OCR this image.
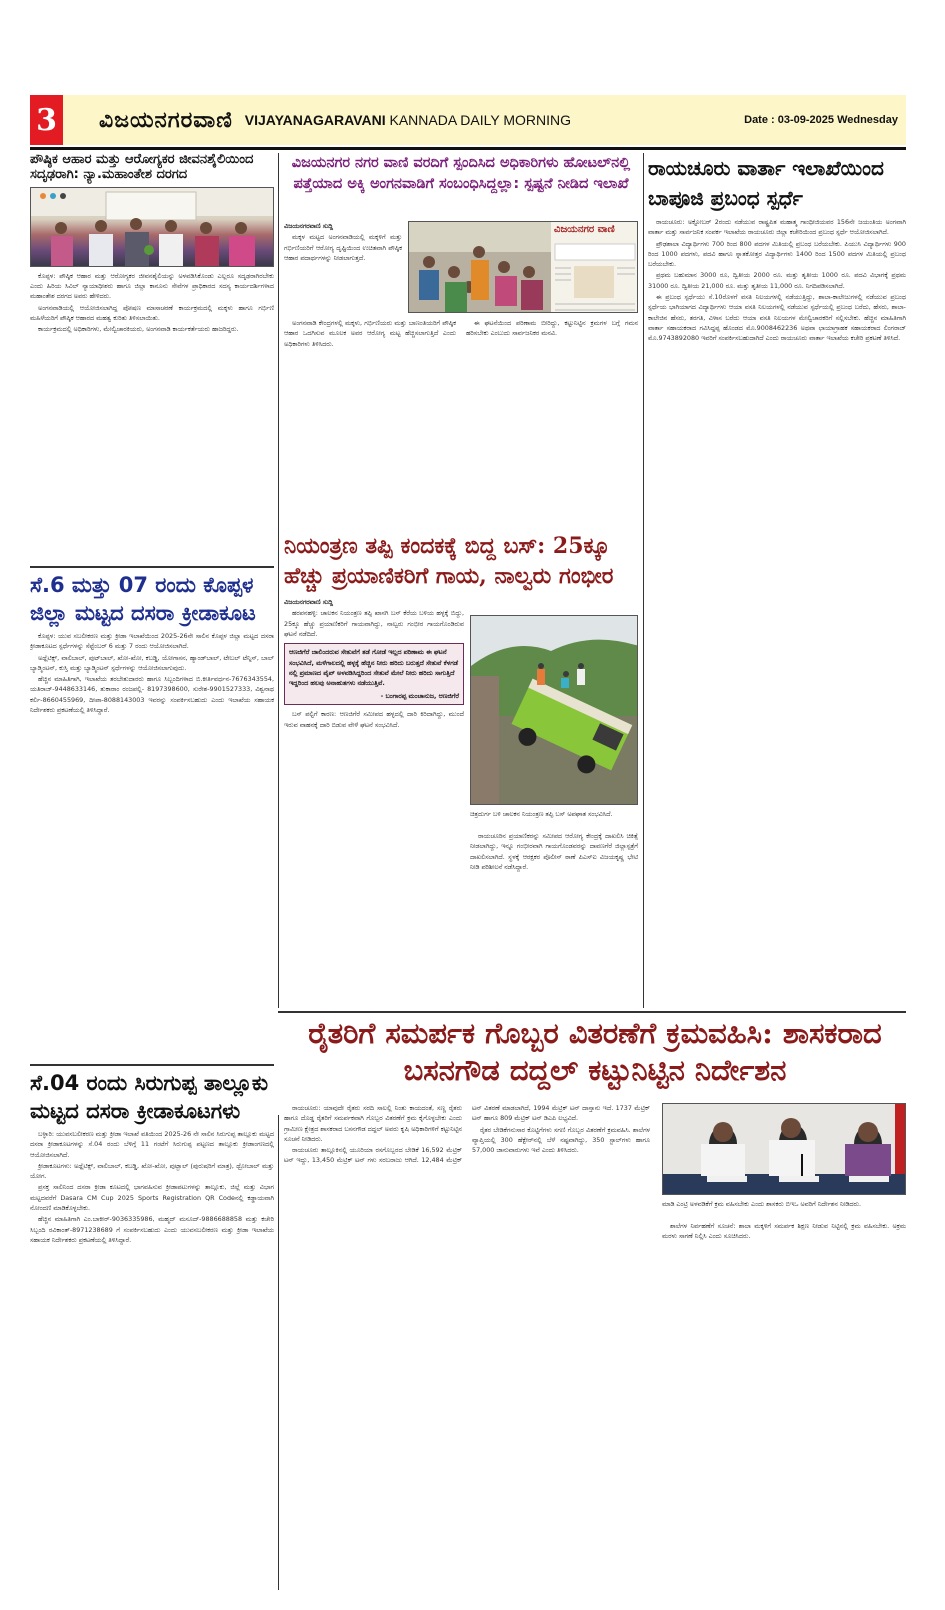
3 ವಿಜಯನಗರವಾಣಿ VIJAYANAGARAVANI KANNADA DAILY MORNING	Date : 03-09-2025 Wednesday
ಪೌಷ್ಠಿಕ ಆಹಾರ ಮತ್ತು ಆರೋಗ್ಯಕರ ಜೀವನಶೈಲಿಯಿಂದ ಸದೃಢರಾಗಿ: ನ್ಯಾ.ಮಹಾಂತೇಶ ದರಗದ

ಕೊಪ್ಪಳ: ಪೌಷ್ಠಿಕ ಆಹಾರ ಮತ್ತು ಆರೋಗ್ಯಕರ ಜೀವನಶೈಲಿಯನ್ನು ಅಳವಡಿಸಿಕೊಂಡು ಎಲ್ಲರೂ ಸದೃಢರಾಗಿರಬೇಕು ಎಂದು ಹಿರಿಯ ಸಿವಿಲ್ ನ್ಯಾಯಾಧೀಶರು ಹಾಗೂ ಜಿಲ್ಲಾ ಕಾನೂನು ಸೇವೆಗಳ ಪ್ರಾಧಿಕಾರದ ಸದಸ್ಯ ಕಾರ್ಯದರ್ಶಿಗಳಾದ ಮಹಾಂತೇಶ ದರಗದ ಅವರು ಹೇಳಿದರು.

ಅಂಗನವಾಡಿಯಲ್ಲಿ ಆಯೋಜಿಸಲಾಗಿದ್ದ ಪೋಷಣ ಮಾಸಾಚರಣೆ ಕಾರ್ಯಕ್ರಮದಲ್ಲಿ ಮಕ್ಕಳು ಹಾಗೂ ಗರ್ಭಿಣಿ ಮಹಿಳೆಯರಿಗೆ ಪೌಷ್ಠಿಕ ಆಹಾರದ ಮಹತ್ವ ಕುರಿತು ತಿಳಿಸಲಾಯಿತು.

ಕಾರ್ಯಕ್ರಮದಲ್ಲಿ ಅಧಿಕಾರಿಗಳು, ಮೇಲ್ವಿಚಾರಕಿಯರು, ಅಂಗನವಾಡಿ ಕಾರ್ಯಕರ್ತೆಯರು ಹಾಜರಿದ್ದರು.

ಸೆ.6 ಮತ್ತು 07 ರಂದು ಕೊಪ್ಪಳ ಜಿಲ್ಲಾ ಮಟ್ಟದ ದಸರಾ ಕ್ರೀಡಾಕೂಟ

ಕೊಪ್ಪಳ: ಯುವ ಸಬಲೀಕರಣ ಮತ್ತು ಕ್ರೀಡಾ ಇಲಾಖೆಯಿಂದ 2025-26ನೇ ಸಾಲಿನ ಕೊಪ್ಪಳ ಜಿಲ್ಲಾ ಮಟ್ಟದ ದಸರಾ ಕ್ರೀಡಾಕೂಟದ ಸ್ಪರ್ಧೆಗಳನ್ನು ಸೆಪ್ಟೆಂಬರ್ 6 ಮತ್ತು 7 ರಂದು ಆಯೋಜಿಸಲಾಗಿದೆ.

ಅಥ್ಲೆಟಿಕ್ಸ್, ವಾಲಿಬಾಲ್, ಪುಟ್‌ಬಾಲ್, ಖೋ-ಖೋ, ಕಬಡ್ಡಿ, ಯೋಗಾಸನ, ಹ್ಯಾಂಡ್‌ಬಾಲ್, ಟೇಬಲ್ ಟೆನ್ನಿಸ್, ಬಾಲ್ ಬ್ಯಾಡ್ಮಿಂಟನ್, ಕುಸ್ತಿ ಮತ್ತು ಬ್ಯಾಡ್ಮಿಂಟನ್ ಸ್ಪರ್ಧೆಗಳನ್ನು ಆಯೋಜಿಸಲಾಗುವುದು.

ಹೆಚ್ಚಿನ ಮಾಹಿತಿಗಾಗಿ, ಇಲಾಖೆಯ ತರಬೇತುದಾರರು ಹಾಗೂ ಸಿಬ್ಬಂದಿಗಳಾದ ಬಿ.ಕೀರ್ತಿವರ್ಧನ-7676343554, ಯತಿರಾಜ್-9448633146, ತುಕಾರಾಂ ರಂಜಪಲ್ಲಿ- 8197398600, ಸುರೇಶ-9901527333, ವಿಶ್ವನಾಥ ಕರ್ಲಿ-8660455969, ದೀಪಾ-8088143003 ಇವರನ್ನು ಸಂಪರ್ಕಿಸಬಹುದು ಎಂದು ಇಲಾಖೆಯ ಸಹಾಯಕ ನಿರ್ದೇಶಕರು ಪ್ರಕಟಣೆಯಲ್ಲಿ ತಿಳಿಸಿದ್ದಾರೆ.

ಸೆ.04 ರಂದು ಸಿರುಗುಪ್ಪ ತಾಲ್ಲೂಕು ಮಟ್ಟದ ದಸರಾ ಕ್ರೀಡಾಕೂಟಗಳು

ಬಳ್ಳಾರಿ: ಯುವಸಬಲೀಕರಣ ಮತ್ತು ಕ್ರೀಡಾ ಇಲಾಖೆ ವತಿಯಿಂದ 2025-26 ನೇ ಸಾಲಿನ ಸಿರುಗುಪ್ಪ ತಾಲ್ಲೂಕು ಮಟ್ಟದ ದಸರಾ ಕ್ರೀಡಾಕೂಟಗಳನ್ನು ಸೆ.04 ರಂದು ಬೆಳಿಗ್ಗೆ 11 ಗಂಟೆಗೆ ಸಿರುಗುಪ್ಪ ಪಟ್ಟಣದ ತಾಲ್ಲೂಕು ಕ್ರೀಡಾಂಗಣದಲ್ಲಿ ಆಯೋಜಿಸಲಾಗಿದೆ.

ಕ್ರೀಡಾಕೂಟಗಳು: ಅಥ್ಲೆಟಿಕ್ಸ್, ವಾಲಿಬಾಲ್, ಕಬಡ್ಡಿ, ಖೋ-ಖೋ, ಪುಟ್ಬಾಲ್ (ಪುರುಷರಿಗೆ ಮಾತ್ರ), ಥ್ರೋಬಾಲ್ ಮತ್ತು ಯೋಗ.

ಪ್ರಸಕ್ತ ಸಾಲಿನಿಂದ ದಸರಾ ಕ್ರೀಡಾ ಕೂಟದಲ್ಲಿ ಭಾಗವಹಿಸುವ ಕ್ರೀಡಾಪಟುಗಳನ್ನು ತಾಲ್ಲೂಕು, ಜಿಲ್ಲೆ ಮತ್ತು ವಿಭಾಗ ಮಟ್ಟದವರೆಗೆ Dasara CM Cup 2025 Sports Registration QR Codeನಲ್ಲಿ ಕಡ್ಡಾಯವಾಗಿ ನೋಂದಣಿ ಮಾಡಿಕೊಳ್ಳಬೇಕು.

ಹೆಚ್ಚಿನ ಮಾಹಿತಿಗಾಗಿ ಎಂ.ಬಾಕೀರ್-9036335986, ಮಹ್ಮದ್ ಮಸೂದ್-9886688858 ಮತ್ತು ಕಚೇರಿ ಸಿಬ್ಬಂದಿ ರವಿಕಾಂತ್-8971238689 ಗೆ ಸಂಪರ್ಕಿಸಬಹುದು ಎಂದು ಯುವಸಬಲೀಕರಣ ಮತ್ತು ಕ್ರೀಡಾ ಇಲಾಖೆಯ ಸಹಾಯಕ ನಿರ್ದೇಶಕರು ಪ್ರಕಟಣೆಯಲ್ಲಿ ತಿಳಿಸಿದ್ದಾರೆ.

ವಿಜಯನಗರ ನಗರ ವಾಣಿ ವರದಿಗೆ ಸ್ಪಂದಿಸಿದ ಅಧಿಕಾರಿಗಳು ಹೋಟಲ್‌ನಲ್ಲಿ ಪತ್ತೆಯಾದ ಅಕ್ಕಿ ಅಂಗನವಾಡಿಗೆ ಸಂಬಂಧಿಸಿದ್ದಲ್ಲಾ: ಸ್ಪಷ್ಟನೆ ನೀಡಿದ ಇಲಾಖೆ

ವಿಜಯನಗರವಾಣಿ ಸುದ್ದಿ

ಮಕ್ಕಳ ಮಟ್ಟದ ಅಂಗನವಾಡಿಯಲ್ಲಿ ಮಕ್ಕಳಿಗೆ ಮತ್ತು ಗರ್ಭಿಣಿಯರಿಗೆ ಆರೋಗ್ಯ ದೃಷ್ಟಿಯಿಂದ ಉಚಿತವಾಗಿ ಪೌಷ್ಠಿಕ ಆಹಾರ ಪದಾರ್ಥಗಳನ್ನು ನೀಡಲಾಗುತ್ತದೆ.

ವಿಜಯನಗರ ವಾಣಿ

ಅಂಗನವಾಡಿ ಕೇಂದ್ರಗಳಲ್ಲಿ ಮಕ್ಕಳು, ಗರ್ಭಿಣಿಯರು ಮತ್ತು ಬಾಣಂತಿಯರಿಗೆ ಪೌಷ್ಠಿಕ ಆಹಾರ ಒದಗಿಸುವ ಮೂಲಕ ಅವರ ಆರೋಗ್ಯ ಮಟ್ಟ ಹೆಚ್ಚಿಸಲಾಗುತ್ತಿದೆ ಎಂದು ಅಧಿಕಾರಿಗಳು ತಿಳಿಸಿದರು.

ಈ ಘಟನೆಯಿಂದ ಪರಿಣಾಮ ಬೀರಿದ್ದು, ಕಟ್ಟುನಿಟ್ಟಿನ ಕ್ರಮಗಳ ಬಗ್ಗೆ ಗಮನ ಹರಿಸಬೇಕು ಎಂಬುದು ಸಾರ್ವಜನಿಕರ ಮನವಿ.

ನಿಯಂತ್ರಣ ತಪ್ಪಿ ಕಂದಕಕ್ಕೆ ಬಿದ್ದ ಬಸ್: 25ಕ್ಕೂ ಹೆಚ್ಚು ಪ್ರಯಾಣಿಕರಿಗೆ ಗಾಯ, ನಾಲ್ವರು ಗಂಭೀರ

ವಿಜಯನಗರವಾಣಿ ಸುದ್ದಿ

ಹರಪನಹಳ್ಳಿ: ಚಾಲಕನ ನಿಯಂತ್ರಣ ತಪ್ಪಿ ಖಾಸಗಿ ಬಸ್ ಕೆರೆಯ ಬಳಿಯ ಹಳ್ಳಕ್ಕೆ ಬಿದ್ದು, 25ಕ್ಕೂ ಹೆಚ್ಚು ಪ್ರಯಾಣಿಕರಿಗೆ ಗಾಯವಾಗಿದ್ದು, ನಾಲ್ವರು ಗಂಭೀರ ಗಾಯಗೊಂಡಿರುವ ಘಟನೆ ನಡೆದಿದೆ.

ಆಣಜಿಗೆರೆ ಜಾಲಿಂದರುವ ಸೇತುವೆಗೆ ತಡೆ ಗೋಡೆ ಇಲ್ಲದ ಪರಿಣಾಮ ಈ ಘಟನೆ ಸಂಭವಿಸಿದೆ, ಮಳೆಗಾಲದಲ್ಲಿ ಹಳ್ಳಕ್ಕೆ ಹೆಚ್ಚಿನ ನೀರು ಹರಿದು ಬರುತ್ತದೆ ಸೇತುವೆ ಕೆಳಗಡೆ ನಲ್ಲಿ ಪ್ರಮಾಣದ ಪೈಪ್ ಅಳವಡಿಸಿದ್ದರಿಂದ ಸೇತುವೆ ಮೇಲೆ ನೀರು ಹರಿದು ಸಾಗುತ್ತಿದೆ ಇದ್ದರಿಂದ ಹಲವು ಅನಾಹುತಗಳು ನಡೆಯುತ್ತಿವೆ.
- ಬಂಗಾರಪ್ಪ ಮಂಚಾನುಜ, ಆಣಜಿಗೆರೆ

ಬಸ್ ಪಲ್ಟಿಗೆ ಕಾರಣ: ಆಣಜಿಗೆರೆ ಸಮೀಪದ ಹಳ್ಳದಲ್ಲಿ ದಾರಿ ಕಿರಿದಾಗಿದ್ದು, ಮುಂದೆ ಇರುವ ವಾಹನಕ್ಕೆ ದಾರಿ ಬಿಡುವ ವೇಳೆ ಘಟನೆ ಸಂಭವಿಸಿದೆ.

ಚಿತ್ರದುರ್ಗ ಬಳಿ ಚಾಲಕನ ನಿಯಂತ್ರಣ ತಪ್ಪಿ ಬಸ್ ಅಪಘಾತ ಸಂಭವಿಸಿದೆ.

ರಾಯಚೂರಿನ ಪ್ರಯಾಣಿಕರನ್ನು ಸಮೀಪದ ಆರೋಗ್ಯ ಕೇಂದ್ರಕ್ಕೆ ದಾಖಲಿಸಿ ಚಿಕಿತ್ಸೆ ನೀಡಲಾಗಿದ್ದು, ಇನ್ನೂ ಗಂಭೀರವಾಗಿ ಗಾಯಗೊಂಡವರನ್ನು ದಾವಣಗೆರೆ ಜಿಲ್ಲಾಸ್ಪತ್ರೆಗೆ ದಾಖಲಿಸಲಾಗಿದೆ. ಸ್ಥಳಕ್ಕೆ ಆರಕ್ಷಕರ ಪೊಲೀಸ್ ಠಾಣೆ ಪಿಎಸ್ಐ ವಿಜಯಕೃಷ್ಣ ಭೇಟಿ ನೀಡಿ ಪರಿಶೀಲನೆ ನಡೆಸಿದ್ದಾರೆ.

ರಾಯಚೂರು ವಾರ್ತಾ ಇಲಾಖೆಯಿಂದ ಬಾಪೂಜಿ ಪ್ರಬಂಧ ಸ್ಪರ್ಧೆ

ರಾಯಚೂರು: ಅಕ್ಟೋಬರ್ 2ರಂದು ನಡೆಯುವ ರಾಷ್ಟ್ರಪಿತ ಮಹಾತ್ಮ ಗಾಂಧೀಜಿಯವರ 156ನೇ ಜಯಂತಿಯ ಅಂಗವಾಗಿ ವಾರ್ತಾ ಮತ್ತು ಸಾರ್ವಜನಿಕ ಸಂಪರ್ಕ ಇಲಾಖೆಯ ರಾಯಚೂರು ಜಿಲ್ಲಾ ಕಚೇರಿಯಿಂದ ಪ್ರಬಂಧ ಸ್ಪರ್ಧೆ ಆಯೋಜಿಸಲಾಗಿದೆ.

ಪ್ರೌಢಶಾಲಾ ವಿದ್ಯಾರ್ಥಿಗಳು 700 ರಿಂದ 800 ಪದಗಳ ಮಿತಿಯಲ್ಲಿ ಪ್ರಬಂಧ ಬರೆಯಬೇಕು. ಪಿಯುಸಿ ವಿದ್ಯಾರ್ಥಿಗಳು 900 ರಿಂದ 1000 ಪದಗಳು, ಪದವಿ ಹಾಗೂ ಸ್ನಾತಕೋತ್ತರ ವಿದ್ಯಾರ್ಥಿಗಳು 1400 ರಿಂದ 1500 ಪದಗಳ ಮಿತಿಯಲ್ಲಿ ಪ್ರಬಂಧ ಬರೆಯಬೇಕು.

ಪ್ರಥಮ ಬಹುಮಾನ 3000 ರೂ, ದ್ವಿತೀಯ 2000 ರೂ. ಮತ್ತು ತೃತೀಯ 1000 ರೂ. ಪದವಿ ವಿಭಾಗಕ್ಕೆ ಪ್ರಥಮ 31000 ರೂ. ದ್ವಿತೀಯ 21,000 ರೂ. ಮತ್ತು ತೃತೀಯ 11,000 ರೂ. ನಿಗದಿಪಡಿಸಲಾಗಿದೆ.

ಈ ಪ್ರಬಂಧ ಸ್ಪರ್ಧೆಯು ಸೆ.10ರೊಳಗೆ ವಸತಿ ನಿಲಯಗಳಲ್ಲಿ ನಡೆಯುತ್ತಿದ್ದು, ಶಾಲಾ-ಕಾಲೇಜುಗಳಲ್ಲಿ ನಡೆಯುವ ಪ್ರಬಂಧ ಸ್ಪರ್ಧೆಯ ಭಾಗಿಯಾಗದ ವಿದ್ಯಾರ್ಥಿಗಳು ಆಯಾ ವಸತಿ ನಿಲಯಗಳಲ್ಲಿ ನಡೆಯುವ ಸ್ಪರ್ಧೆಯಲ್ಲಿ ಪ್ರಬಂಧ ಬರೆದು, ಹೆಸರು, ಶಾಲಾ-ಕಾಲೇಜಿನ ಹೆಸರು, ತರಗತಿ, ವಿಳಾಸ ಬರೆದು ಆಯಾ ವಸತಿ ನಿಲಯಗಳ ಮೇಲ್ವಿಚಾರಕರಿಗೆ ಸಲ್ಲಿಸಬೇಕು. ಹೆಚ್ಚಿನ ಮಾಹಿತಿಗಾಗಿ ವಾರ್ತಾ ಸಹಾಯಕರಾದ ಗವಿಸಿದ್ದಪ್ಪ ಹೊಂಡದ ಮೊ.9008462236 ಅಥವಾ ಛಾಯಾಗ್ರಾಹಕ ಸಹಾಯಕರಾದ ಲಿಂಗರಾಜ್ ಮೊ.9743892080 ಇವರಿಗೆ ಸಂಪರ್ಕಿಸಬಹುದಾಗಿದೆ ಎಂದು ರಾಯಚೂರು ವಾರ್ತಾ ಇಲಾಖೆಯ ಕಚೇರಿ ಪ್ರಕಟಣೆ ತಿಳಿಸಿದೆ.

ರೈತರಿಗೆ ಸಮರ್ಪಕ ಗೊಬ್ಬರ ವಿತರಣೆಗೆ ಕ್ರಮವಹಿಸಿ: ಶಾಸಕರಾದ ಬಸನಗೌಡ ದದ್ದಲ್ ಕಟ್ಟುನಿಟ್ಟಿನ ನಿರ್ದೇಶನ

ರಾಯಚೂರು: ಯಾವುದೇ ರೈತರು ಸರದಿ ಸಾಲಲ್ಲಿ ನಿಂತು ಕಾಯದಂತೆ, ಸಣ್ಣ ರೈತರು ಹಾಗೂ ದೊಡ್ಡ ರೈತರಿಗೆ ಸಮರ್ಪಕವಾಗಿ ಗೊಬ್ಬರ ವಿತರಣೆಗೆ ಕ್ರಮ ಕೈಗೊಳ್ಳಬೇಕು ಎಂದು ಗ್ರಾಮೀಣ ಕ್ಷೇತ್ರದ ಶಾಸಕರಾದ ಬಸನಗೌಡ ದದ್ದಲ್ ಅವರು ಕೃಷಿ ಅಧಿಕಾರಿಗಳಿಗೆ ಕಟ್ಟುನಿಟ್ಟಿನ ಸೂಚನೆ ನೀಡಿದರು.

ರಾಯಚೂರು ತಾಲ್ಲೂಕಿನಲ್ಲಿ ಯೂರಿಯಾ ರಸಗೊಬ್ಬರದ ಬೇಡಿಕೆ 16,592 ಮೆಟ್ರಿಕ್ ಟನ್ ಇದ್ದು, 13,450 ಮೆಟ್ರಿಕ್ ಟನ್ ಗಳು ಸರಬರಾಜು ಆಗಿದೆ. 12,484 ಮೆಟ್ರಿಕ್ ಟನ್ ವಿತರಣೆ ಮಾಡಲಾಗಿದೆ, 1994 ಮೆಟ್ರಿಕ್ ಟನ್ ದಾಸ್ತಾನು ಇದೆ. 1737 ಮೆಟ್ರಿಕ್ ಟನ್ ಹಾಗೂ 809 ಮೆಟ್ರಿಕ್ ಟನ್ ಡಿಎಪಿ ಲಭ್ಯವಿದೆ.

ರೈತರ ಬೇಡಿಕೆಗನುಸಾರ ಕೊಟ್ಟಿಗೆಗಳು ಸಗಣಿ ಗೊಬ್ಬರ ವಿತರಣೆಗೆ ಕ್ರಮವಹಿಸಿ. ಶಾಲೆಗಳ ವ್ಯಾಪ್ತಿಯಲ್ಲಿ 300 ಹೆಕ್ಟೇರ್‌ನಲ್ಲಿ ಬೆಳೆ ನಷ್ಟವಾಗಿದ್ದು, 350 ಸ್ಟಾಲ್‌ಗಳು ಹಾಗೂ 57,000 ಜಾನುವಾರುಗಳು ಇವೆ ಎಂದು ತಿಳಿಸಿದರು.

ಮಾಡಿ ಎಂಟ್ರಿ ಅಳವಡಿಕೆಗೆ ಕ್ರಮ ವಹಿಸಬೇಕು ಎಂದು ಶಾಸಕರು ಬಿಇಒ ಅವರಿಗೆ ನಿರ್ದೇಶನ ನೀಡಿದರು.

ಶಾಲೆಗಳ ನಿರ್ವಹಣೆಗೆ ಸೂಚನೆ: ಶಾಲಾ ಮಕ್ಕಳಿಗೆ ಸಮರ್ಪಕ ಶಿಕ್ಷಣ ನೀಡುವ ನಿಟ್ಟಿನಲ್ಲಿ ಕ್ರಮ ವಹಿಸಬೇಕು. ಅಕ್ರಮ ಮರಳು ಸಾಗಣೆ ನಿಲ್ಲಿಸಿ ಎಂದು ಸೂಚಿಸಿದರು.
